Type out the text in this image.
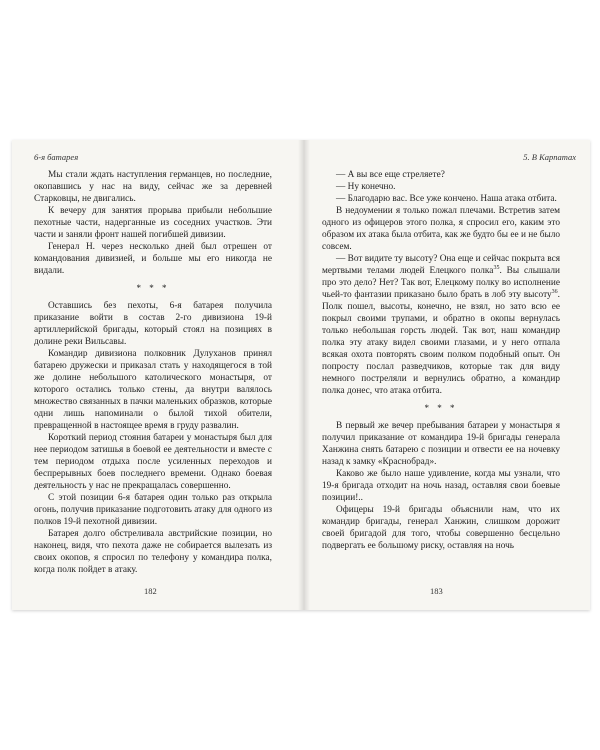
6-я батарея

Мы стали ждать наступления германцев, но последние, окопавшись у нас на виду, сейчас же за деревней Старковцы, не двигались.

К вечеру для занятия прорыва прибыли небольшие пехотные части, надерганные из соседних участков. Эти части и заняли фронт нашей погибшей дивизии.

Генерал Н. через несколько дней был отрешен от командования дивизией, и больше мы его никогда не видали.

* * *

Оставшись без пехоты, 6-я батарея получила приказание войти в состав 2-го дивизиона 19-й артиллерийской бригады, который стоял на позициях в долине реки Вильсавы.

Командир дивизиона полковник Дулуханов принял батарею дружески и приказал стать у находящегося в той же долине небольшого католического монастыря, от которого остались только стены, да внутри валялось множество связанных в пачки маленьких образков, которые одни лишь напоминали о былой тихой обители, превращенной в настоящее время в груду развалин.

Короткий период стояния батареи у монастыря был для нее периодом затишья в боевой ее деятельности и вместе с тем периодом отдыха после усиленных переходов и беспрерывных боев последнего времени. Однако боевая деятельность у нас не прекращалась совершенно.

С этой позиции 6-я батарея один только раз открыла огонь, получив приказание подготовить атаку для одного из полков 19-й пехотной дивизии.

Батарея долго обстреливала австрийские позиции, но наконец, видя, что пехота даже не собирается вылезать из своих окопов, я спросил по телефону у командира полка, когда полк пойдет в атаку.

182
5. В Карпатах

— А вы все еще стреляете?

— Ну конечно.

— Благодарю вас. Все уже кончено. Наша атака отбита.

В недоумении я только пожал плечами. Встретив затем одного из офицеров этого полка, я спросил его, каким это образом их атака была отбита, как же будто бы ее и не было совсем.

— Вот видите ту высоту? Она еще и сейчас покрыта вся мертвыми телами людей Елецкого полка$^{35}$. Вы слышали про это дело? Нет? Так вот, Елецкому полку во исполнение чьей-то фантазии приказано было брать в лоб эту высоту$^{36}$. Полк пошел, высоты, конечно, не взял, но зато всю ее покрыл своими трупами, и обратно в окопы вернулась только небольшая горсть людей. Так вот, наш командир полка эту атаку видел своими глазами, и у него отпала всякая охота повторять своим полком подобный опыт. Он попросту послал разведчиков, которые так для виду немного постреляли и вернулись обратно, а командир полка донес, что атака отбита.

* * *

В первый же вечер пребывания батареи у монастыря я получил приказание от командира 19-й бригады генерала Ханжина снять батарею с позиции и отвести ее на ночевку назад к замку «Краснобрад».

Каково же было наше удивление, когда мы узнали, что 19-я бригада отходит на ночь назад, оставляя свои боевые позиции!..

Офицеры 19-й бригады объяснили нам, что их командир бригады, генерал Ханжин, слишком дорожит своей бригадой для того, чтобы совершенно бесцельно подвергать ее большому риску, оставляя на ночь

183
